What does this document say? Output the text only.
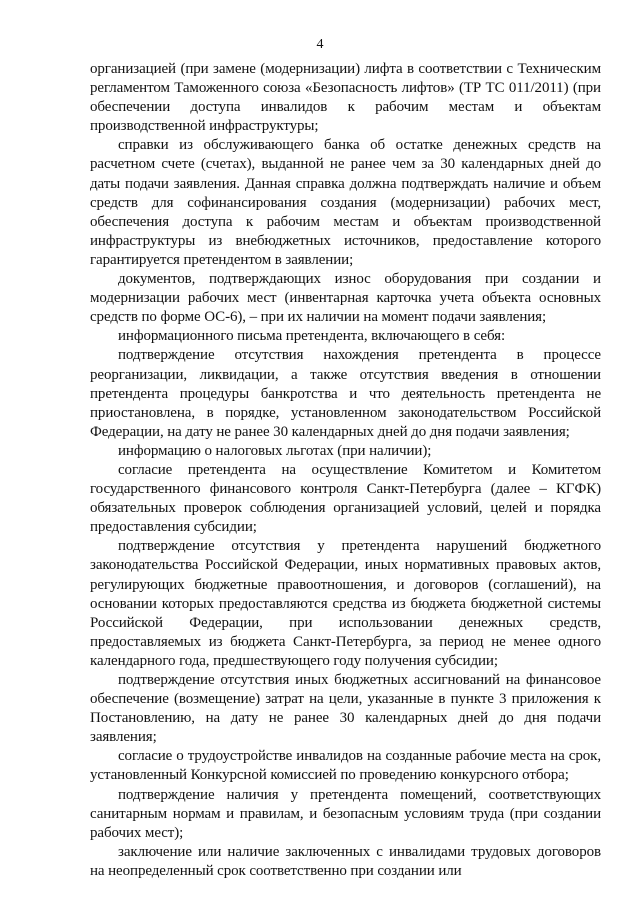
4

организацией (при замене (модернизации) лифта в соответствии с Техническим регламентом Таможенного союза «Безопасность лифтов» (ТР ТС 011/2011) (при обеспечении доступа инвалидов к рабочим местам и объектам производственной инфраструктуры;

справки из обслуживающего банка об остатке денежных средств на расчетном счете (счетах), выданной не ранее чем за 30 календарных дней до даты подачи заявления. Данная справка должна подтверждать наличие и объем средств для софинансирования создания (модернизации) рабочих мест, обеспечения доступа к рабочим местам и объектам производственной инфраструктуры из внебюджетных источников, предоставление которого гарантируется претендентом в заявлении;

документов, подтверждающих износ оборудования при создании и модернизации рабочих мест (инвентарная карточка учета объекта основных средств по форме ОС-6), – при их наличии на момент подачи заявления;

информационного письма претендента, включающего в себя:

подтверждение отсутствия нахождения претендента в процессе реорганизации, ликвидации, а также отсутствия введения в отношении претендента процедуры банкротства и что деятельность претендента не приостановлена, в порядке, установленном законодательством Российской Федерации, на дату не ранее 30 календарных дней до дня подачи заявления;

информацию о налоговых льготах (при наличии);

согласие претендента на осуществление Комитетом и Комитетом государственного финансового контроля Санкт-Петербурга (далее – КГФК) обязательных проверок соблюдения организацией условий, целей и порядка предоставления субсидии;

подтверждение отсутствия у претендента нарушений бюджетного законодательства Российской Федерации, иных нормативных правовых актов, регулирующих бюджетные правоотношения, и договоров (соглашений), на основании которых предоставляются средства из бюджета бюджетной системы Российской Федерации, при использовании денежных средств, предоставляемых из бюджета Санкт-Петербурга, за период не менее одного календарного года, предшествующего году получения субсидии;

подтверждение отсутствия иных бюджетных ассигнований на финансовое обеспечение (возмещение) затрат на цели, указанные в пункте 3 приложения к Постановлению, на дату не ранее 30 календарных дней до дня подачи заявления;

согласие о трудоустройстве инвалидов на созданные рабочие места на срок, установленный Конкурсной комиссией по проведению конкурсного отбора;

подтверждение наличия у претендента помещений, соответствующих санитарным нормам и правилам, и безопасным условиям труда (при создании рабочих мест);

заключение или наличие заключенных с инвалидами трудовых договоров на неопределенный срок соответственно при создании или
